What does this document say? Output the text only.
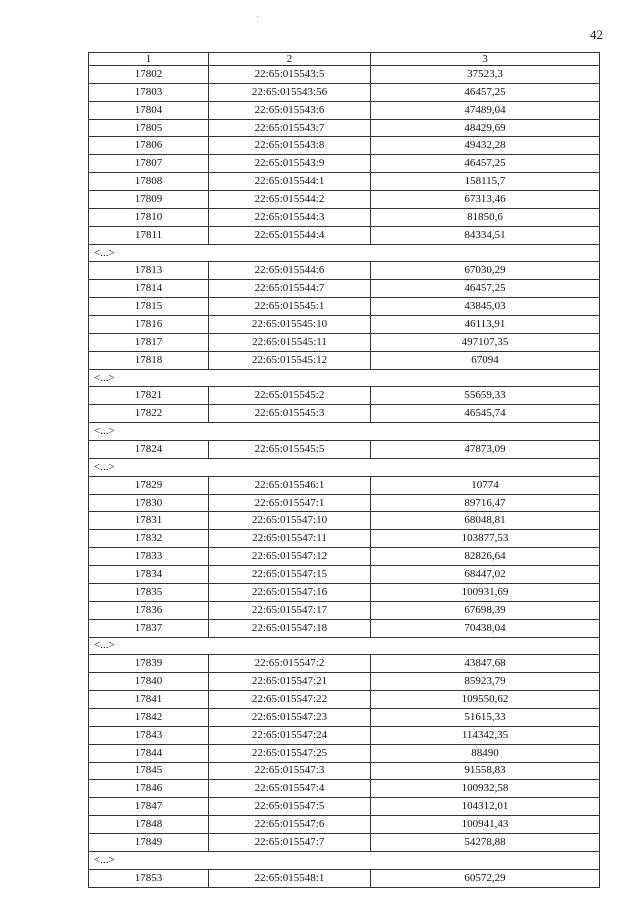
42
1	2	3
17802	22:65:015543:5	37523,3
17803	22:65:015543:56	46457,25
17804	22:65:015543:6	47489,04
17805	22:65:015543:7	48429,69
17806	22:65:015543:8	49432,28
17807	22:65:015543:9	46457,25
17808	22:65:015544:1	158115,7
17809	22:65:015544:2	67313,46
17810	22:65:015544:3	81850,6
17811	22:65:015544:4	84334,51
<...>		
17813	22:65:015544:6	67030,29
17814	22:65:015544:7	46457,25
17815	22:65:015545:1	43845,03
17816	22:65:015545:10	46113,91
17817	22:65:015545:11	497107,35
17818	22:65:015545:12	67094
<...>		
17821	22:65:015545:2	55659,33
17822	22:65:015545:3	46545,74
<...>		
17824	22:65:015545:5	47873,09
<...>		
17829	22:65:015546:1	10774
17830	22:65:015547:1	89716,47
17831	22:65:015547:10	68048,81
17832	22:65:015547:11	103877,53
17833	22:65:015547:12	82826,64
17834	22:65:015547:15	68447,02
17835	22:65:015547:16	100931,69
17836	22:65:015547:17	67698,39
17837	22:65:015547:18	70438,04
<...>		
17839	22:65:015547:2	43847,68
17840	22:65:015547:21	85923,79
17841	22:65:015547:22	109550,62
17842	22:65:015547:23	51615,33
17843	22:65:015547:24	114342,35
17844	22:65:015547:25	88490
17845	22:65:015547:3	91558,83
17846	22:65:015547:4	100932,58
17847	22:65:015547:5	104312,01
17848	22:65:015547:6	100941,43
17849	22:65:015547:7	54278,88
<...>		
17853	22:65:015548:1	60572,29
